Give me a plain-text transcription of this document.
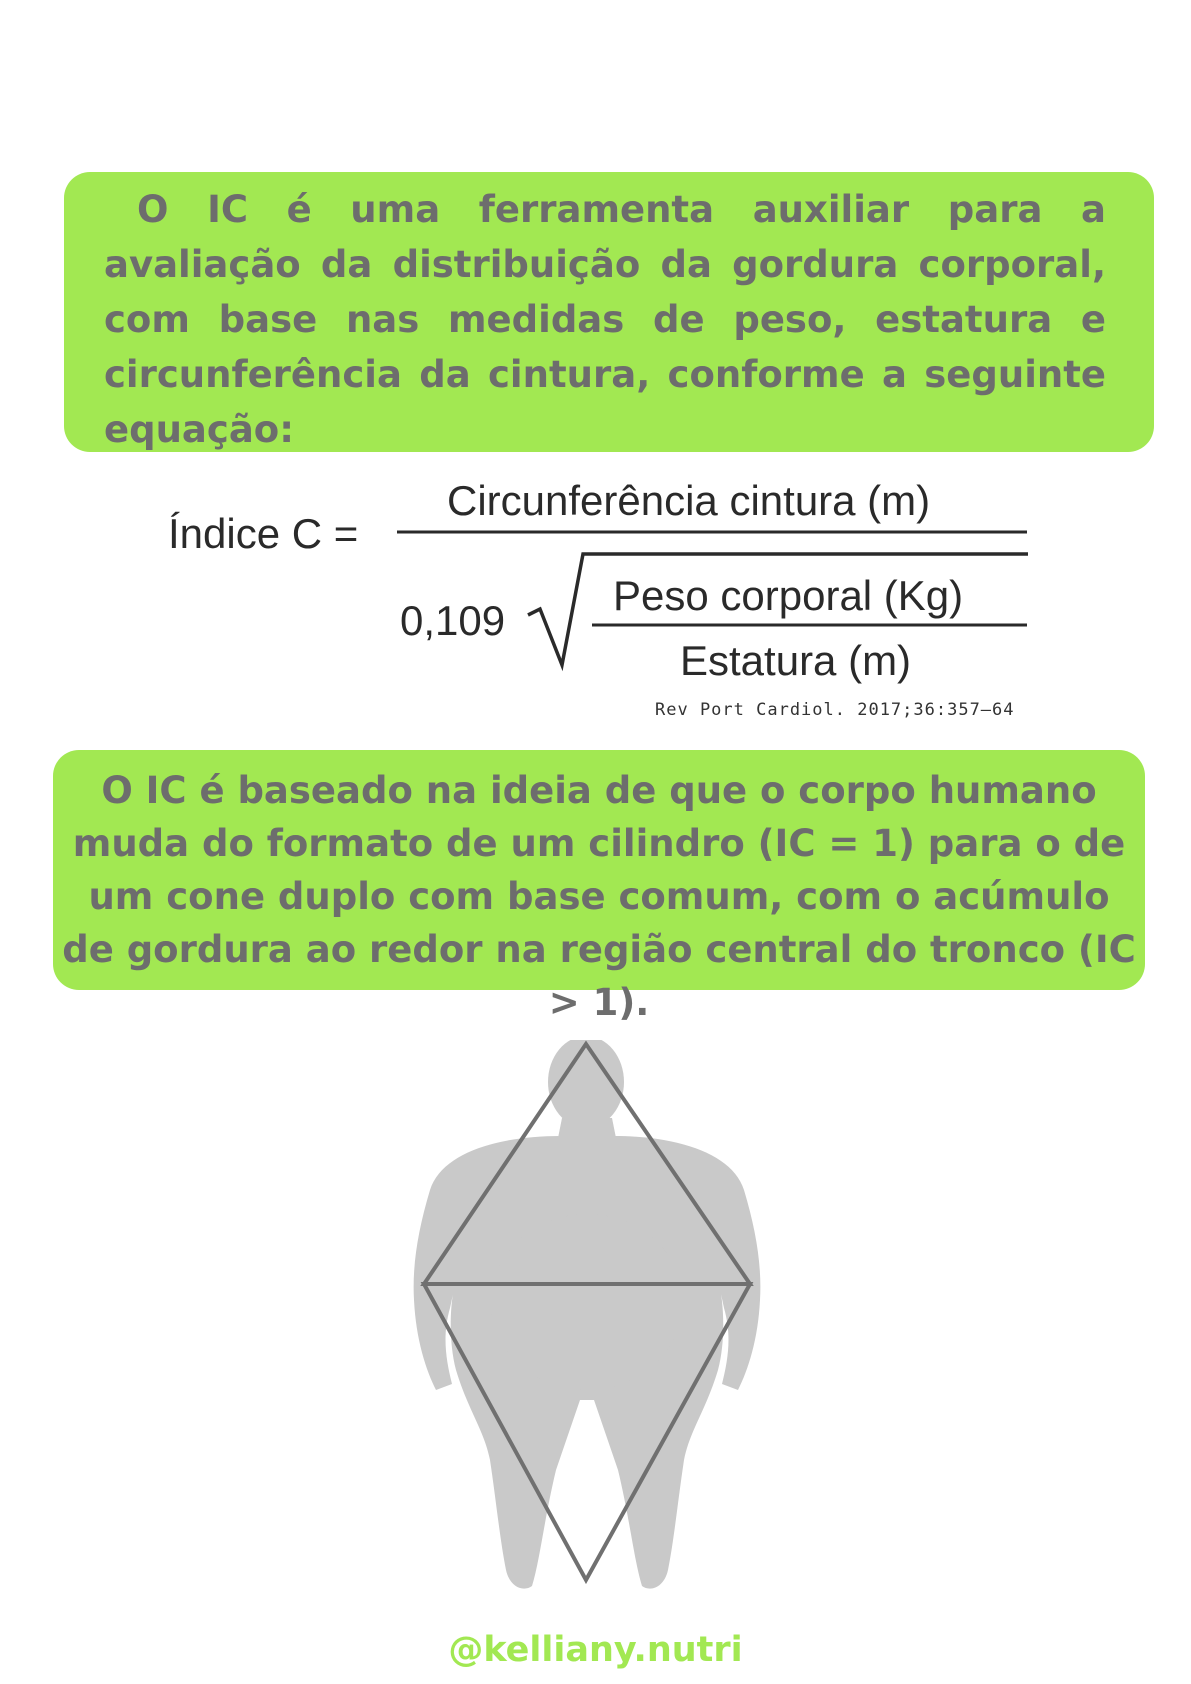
O IC é uma ferramenta auxiliar para a avaliação da distribuição da gordura corporal, com base nas medidas de peso, estatura e circunferência da cintura, conforme a seguinte equação:
Índice C =
Circunferência cintura (m)
0,109
Peso corporal (Kg)
Estatura (m)
Rev Port Cardiol. 2017;36:357–64
O IC é baseado na ideia de que o corpo humano muda do formato de um cilindro (IC = 1) para o de um cone duplo com base comum, com o acúmulo de gordura ao redor na região central do tronco (IC > 1).
@kelliany.nutri
